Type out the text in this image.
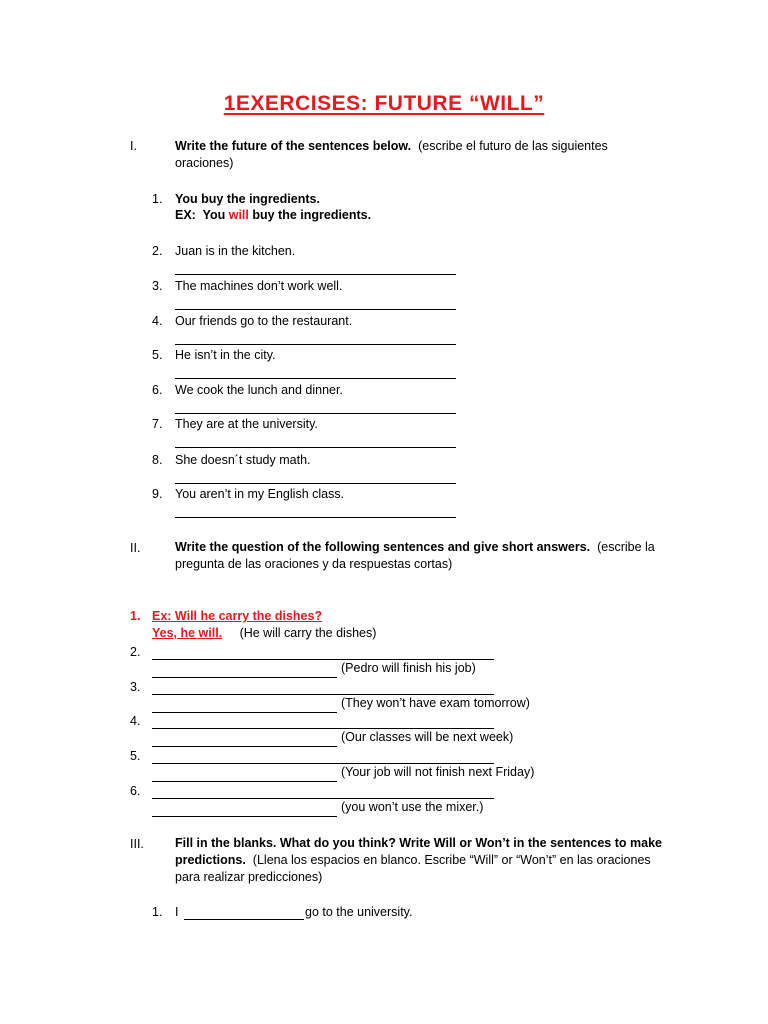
1EXERCISES: FUTURE “WILL”
I.	Write the future of the sentences below. (escribe el futuro de las siguientes
oraciones)
1. You buy the ingredients.
EX:  You will buy the ingredients.
2. Juan is in the kitchen.
3. The machines don’t work well.
4. Our friends go to the restaurant.
5. He isn’t in the city.
6. We cook the lunch and dinner.
7. They are at the university.
8. She doesn´t study math.
9. You aren’t in my English class.
II.	Write the question of the following sentences and give short answers. (escribe la
pregunta de las oraciones y da respuestas cortas)
1. Ex: Will he carry the dishes?
Yes, he will. (He will carry the dishes)
2.
(Pedro will finish his job)
3.
(They won’t have exam tomorrow)
4.
(Our classes will be next week)
5.
(Your job will not finish next Friday)
6.
(you won’t use the mixer.)
III. Fill in the blanks. What do you think? Write Will or Won’t in the sentences to make
predictions. (Llena los espacios en blanco. Escribe “Will” or “Won’t” en las oraciones
para realizar predicciones)
1. I	go to the university.
